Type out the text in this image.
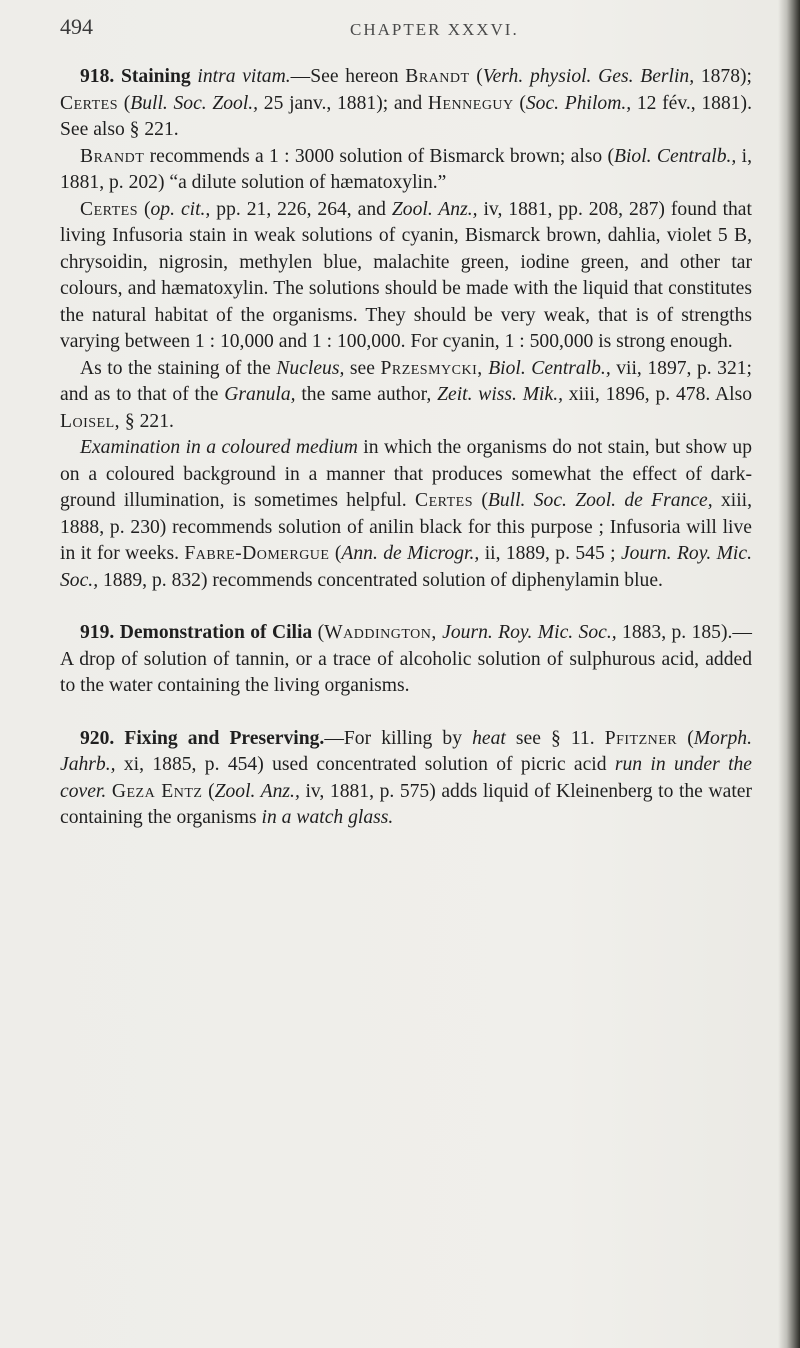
494	CHAPTER XXXVI.

918. Staining intra vitam.—See hereon Brandt (Verh. physiol. Ges. Berlin, 1878); Certes (Bull. Soc. Zool., 25 janv., 1881); and Henneguy (Soc. Philom., 12 fév., 1881). See also § 221.

Brandt recommends a 1 : 3000 solution of Bismarck brown; also (Biol. Centralb., i, 1881, p. 202) “a dilute solution of hæmatoxylin.”

Certes (op. cit., pp. 21, 226, 264, and Zool. Anz., iv, 1881, pp. 208, 287) found that living Infusoria stain in weak solutions of cyanin, Bismarck brown, dahlia, violet 5 B, chrysoidin, nigrosin, methylen blue, malachite green, iodine green, and other tar colours, and hæmatoxylin. The solutions should be made with the liquid that constitutes the natural habitat of the organisms. They should be very weak, that is of strengths varying between 1 : 10,000 and 1 : 100,000. For cyanin, 1 : 500,000 is strong enough.

As to the staining of the Nucleus, see Przesmycki, Biol. Centralb., vii, 1897, p. 321; and as to that of the Granula, the same author, Zeit. wiss. Mik., xiii, 1896, p. 478. Also Loisel, § 221.

Examination in a coloured medium in which the organisms do not stain, but show up on a coloured background in a manner that produces somewhat the effect of dark-ground illumination, is sometimes helpful. Certes (Bull. Soc. Zool. de France, xiii, 1888, p. 230) recommends solution of anilin black for this purpose ; Infusoria will live in it for weeks. Fabre-Domergue (Ann. de Microgr., ii, 1889, p. 545 ; Journ. Roy. Mic. Soc., 1889, p. 832) recommends concentrated solution of diphenylamin blue.

919. Demonstration of Cilia (Waddington, Journ. Roy. Mic. Soc., 1883, p. 185).—A drop of solution of tannin, or a trace of alcoholic solution of sulphurous acid, added to the water containing the living organisms.

920. Fixing and Preserving.—For killing by heat see § 11. Pfitzner (Morph. Jahrb., xi, 1885, p. 454) used concentrated solution of picric acid run in under the cover. Geza Entz (Zool. Anz., iv, 1881, p. 575) adds liquid of Kleinenberg to the water containing the organisms in a watch glass.
